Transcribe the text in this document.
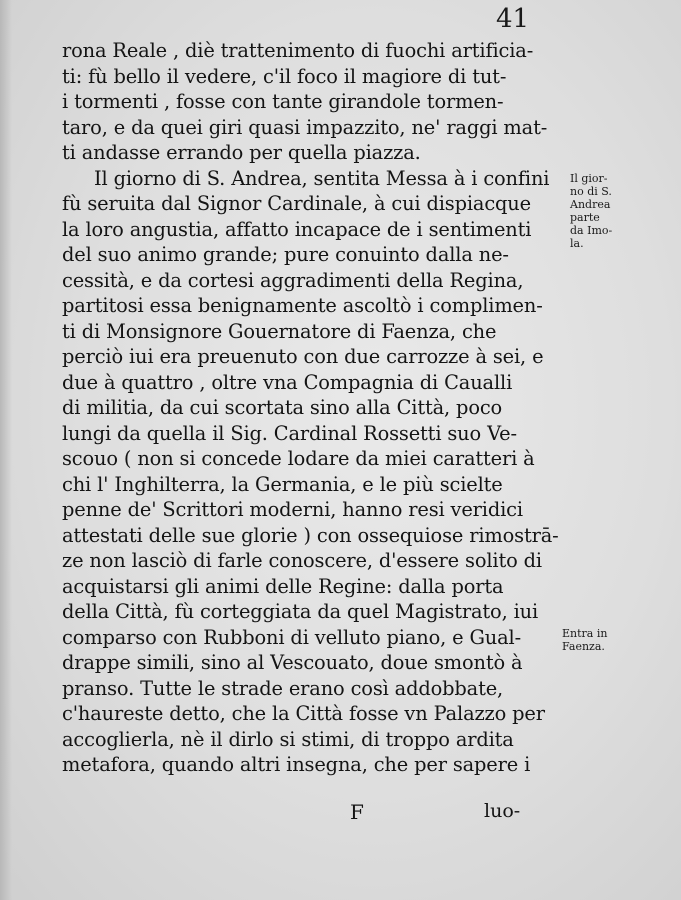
41
rona Reale , diè trattenimento di fuochi artificia-
ti: fù bello il vedere, c'il foco il magiore di tut-
i tormenti , fosse con tante girandole tormen-
taro, e da quei giri quasi impazzito, ne' raggi mat-
ti andasse errando per quella piazza.
Il giorno di S. Andrea, sentita Messa à i confini
fù seruita dal Signor Cardinale, à cui dispiacque
la loro angustia, affatto incapace de i sentimenti
del suo animo grande; pure conuinto dalla ne-
cessità, e da cortesi aggradimenti della Regina,
partitosi essa benignamente ascoltò i complimen-
ti di Monsignore Gouernatore di Faenza, che
perciò iui era preuenuto con due carrozze à sei, e
due à quattro , oltre vna Compagnia di Caualli
di militia, da cui scortata sino alla Città, poco
lungi da quella il Sig. Cardinal Rossetti suo Ve-
scouo ( non si concede lodare da miei caratteri à
chi l' Inghilterra, la Germania, e le più scielte
penne de' Scrittori moderni, hanno resi veridici
attestati delle sue glorie ) con ossequiose rimostrā-
ze non lasciò di farle conoscere, d'essere solito di
acquistarsi gli animi delle Regine: dalla porta
della Città, fù corteggiata da quel Magistrato, iui
comparso con Rubboni di velluto piano, e Gual-
drappe simili, sino al Vescouato, doue smontò à
pranso. Tutte le strade erano così addobbate,
c'haureste detto, che la Città fosse vn Palazzo per
accoglierla, nè il dirlo si stimi, di troppo ardita
metafora, quando altri insegna, che per sapere i
Il gior-
no di S.
Andrea
parte
da Imo-
la.
Entra in
Faenza.
F	luo-
